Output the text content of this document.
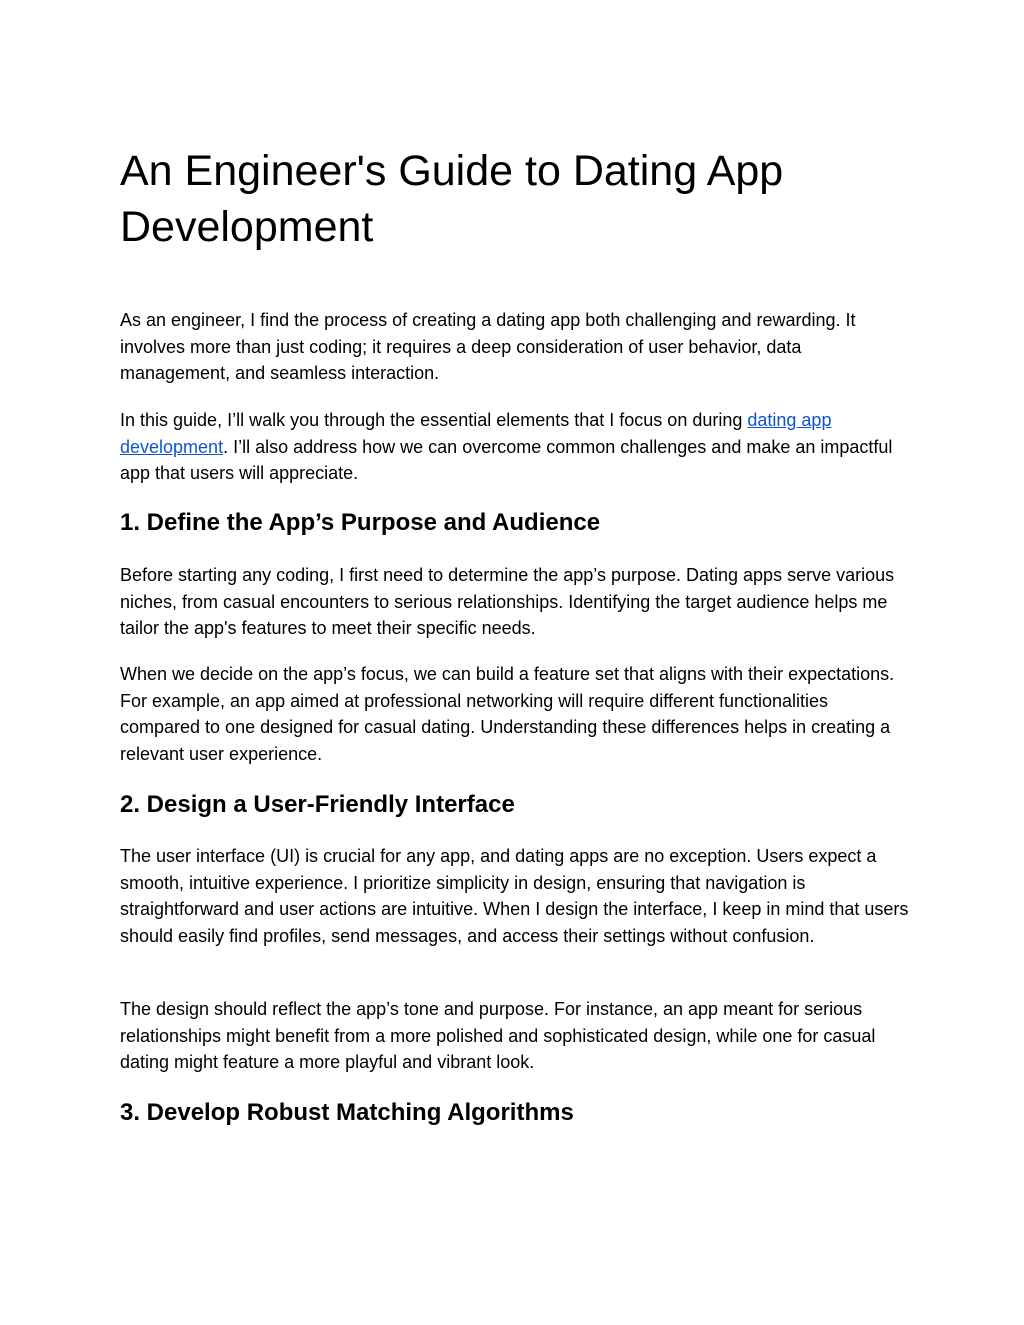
An Engineer's Guide to Dating App Development

As an engineer, I find the process of creating a dating app both challenging and rewarding. It involves more than just coding; it requires a deep consideration of user behavior, data management, and seamless interaction.

In this guide, I’ll walk you through the essential elements that I focus on during dating app development. I’ll also address how we can overcome common challenges and make an impactful app that users will appreciate.

1. Define the App’s Purpose and Audience

Before starting any coding, I first need to determine the app’s purpose. Dating apps serve various niches, from casual encounters to serious relationships. Identifying the target audience helps me tailor the app's features to meet their specific needs.

When we decide on the app’s focus, we can build a feature set that aligns with their expectations. For example, an app aimed at professional networking will require different functionalities compared to one designed for casual dating. Understanding these differences helps in creating a relevant user experience.

2. Design a User-Friendly Interface

The user interface (UI) is crucial for any app, and dating apps are no exception. Users expect a smooth, intuitive experience. I prioritize simplicity in design, ensuring that navigation is straightforward and user actions are intuitive. When I design the interface, I keep in mind that users should easily find profiles, send messages, and access their settings without confusion.

The design should reflect the app’s tone and purpose. For instance, an app meant for serious relationships might benefit from a more polished and sophisticated design, while one for casual dating might feature a more playful and vibrant look.

3. Develop Robust Matching Algorithms
